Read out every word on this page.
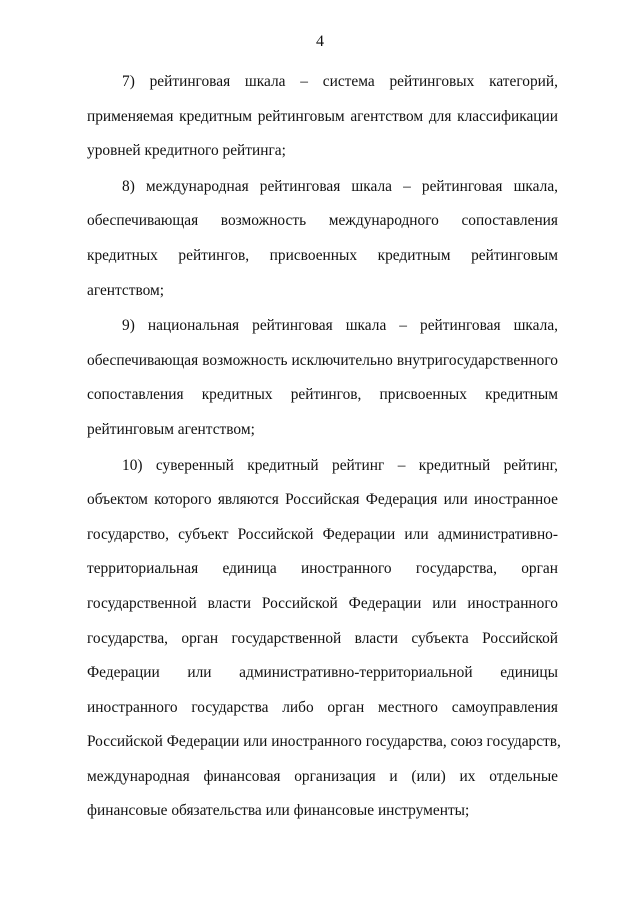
4
7) рейтинговая шкала – система рейтинговых категорий,
применяемая кредитным рейтинговым агентством для классификации
уровней кредитного рейтинга;
8) международная рейтинговая шкала – рейтинговая шкала,
обеспечивающая возможность международного сопоставления
кредитных рейтингов, присвоенных кредитным рейтинговым
агентством;
9) национальная рейтинговая шкала – рейтинговая шкала,
обеспечивающая возможность исключительно внутригосударственного
сопоставления кредитных рейтингов, присвоенных кредитным
рейтинговым агентством;
10) суверенный кредитный рейтинг – кредитный рейтинг,
объектом которого являются Российская Федерация или иностранное
государство, субъект Российской Федерации или административно-
территориальная единица иностранного государства, орган
государственной власти Российской Федерации или иностранного
государства, орган государственной власти субъекта Российской
Федерации или административно-территориальной единицы
иностранного государства либо орган местного самоуправления
Российской Федерации или иностранного государства, союз государств,
международная финансовая организация и (или) их отдельные
финансовые обязательства или финансовые инструменты;
